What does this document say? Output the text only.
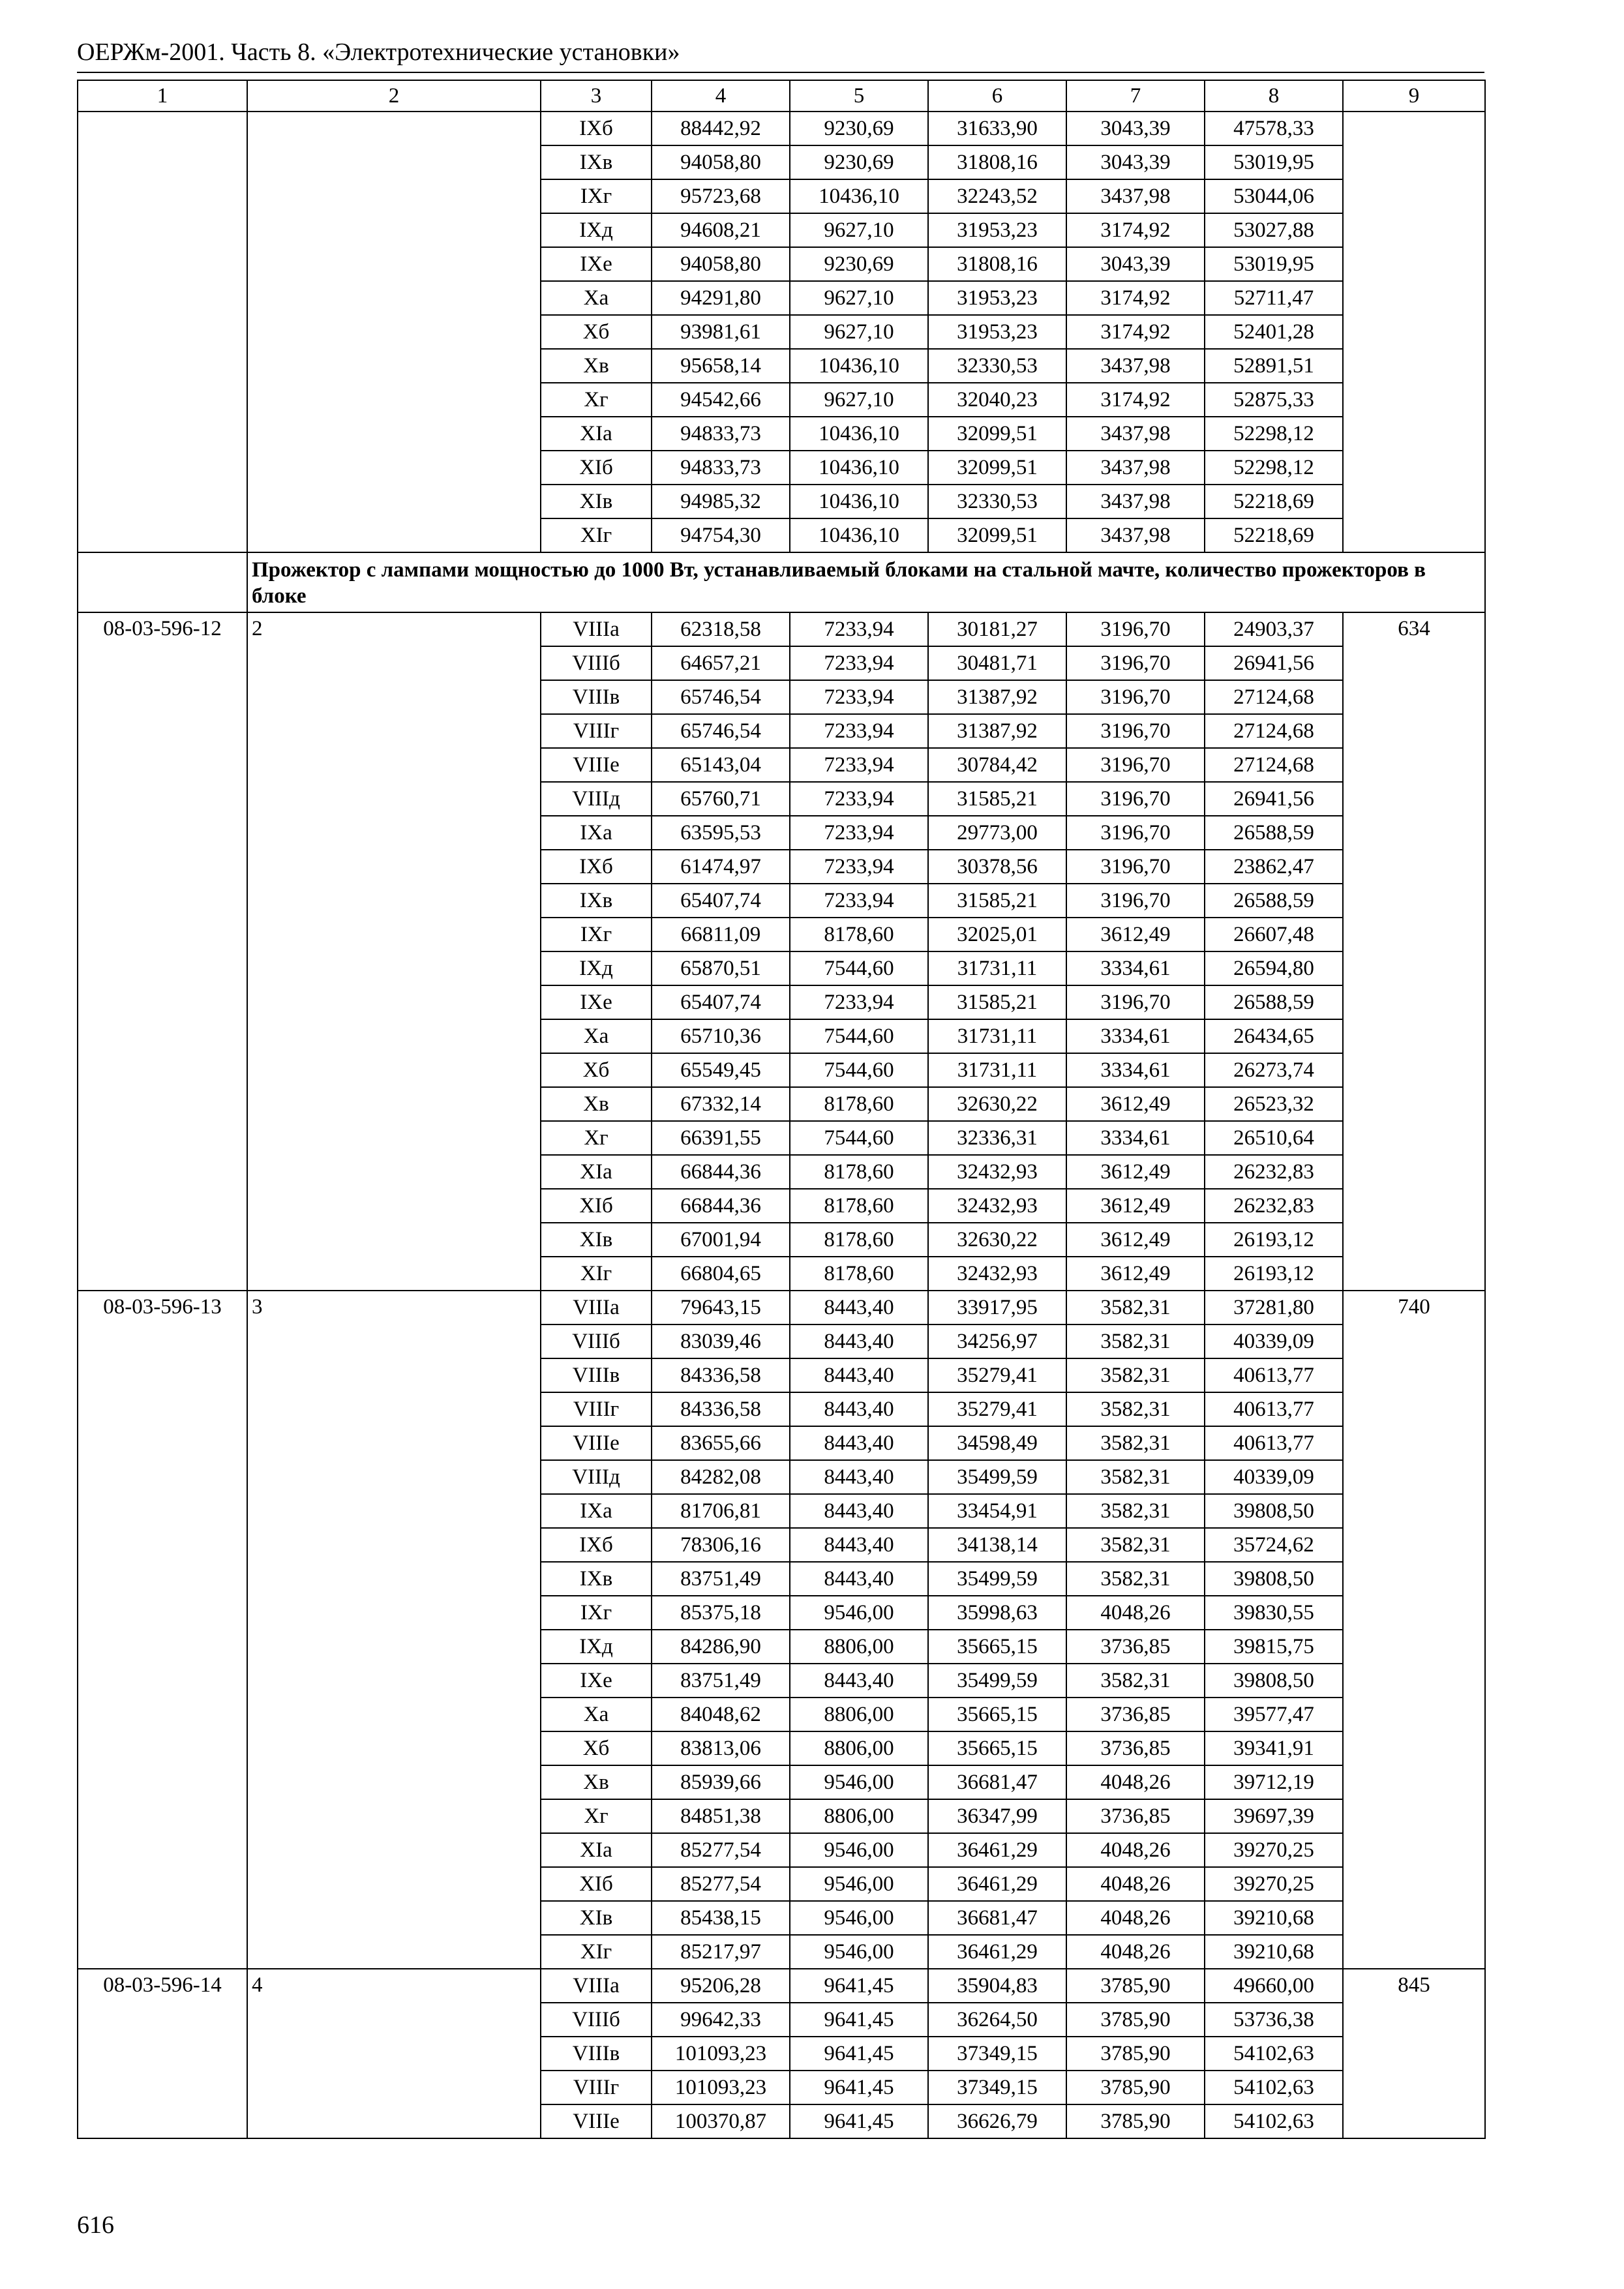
ОЕРЖм-2001. Часть 8. «Электротехнические установки»
1	2	3	4	5	6	7	8	9
		IXб	88442,92	9230,69	31633,90	3043,39	47578,33	
		IXв	94058,80	9230,69	31808,16	3043,39	53019,95	
		IXг	95723,68	10436,10	32243,52	3437,98	53044,06	
		IXд	94608,21	9627,10	31953,23	3174,92	53027,88	
		IXе	94058,80	9230,69	31808,16	3043,39	53019,95	
		Xа	94291,80	9627,10	31953,23	3174,92	52711,47	
		Xб	93981,61	9627,10	31953,23	3174,92	52401,28	
		Xв	95658,14	10436,10	32330,53	3437,98	52891,51	
		Xг	94542,66	9627,10	32040,23	3174,92	52875,33	
		XIа	94833,73	10436,10	32099,51	3437,98	52298,12	
		XIб	94833,73	10436,10	32099,51	3437,98	52298,12	
		XIв	94985,32	10436,10	32330,53	3437,98	52218,69	
		XIг	94754,30	10436,10	32099,51	3437,98	52218,69	
	Прожектор с лампами мощностью до 1000 Вт, устанавливаемый блоками на стальной мачте, количество прожекторов в блоке							
08-03-596-12	2	VIIIа	62318,58	7233,94	30181,27	3196,70	24903,37	634
		VIIIб	64657,21	7233,94	30481,71	3196,70	26941,56	
		VIIIв	65746,54	7233,94	31387,92	3196,70	27124,68	
		VIIIг	65746,54	7233,94	31387,92	3196,70	27124,68	
		VIIIе	65143,04	7233,94	30784,42	3196,70	27124,68	
		VIIIд	65760,71	7233,94	31585,21	3196,70	26941,56	
		IXа	63595,53	7233,94	29773,00	3196,70	26588,59	
		IXб	61474,97	7233,94	30378,56	3196,70	23862,47	
		IXв	65407,74	7233,94	31585,21	3196,70	26588,59	
		IXг	66811,09	8178,60	32025,01	3612,49	26607,48	
		IXд	65870,51	7544,60	31731,11	3334,61	26594,80	
		IXе	65407,74	7233,94	31585,21	3196,70	26588,59	
		Xа	65710,36	7544,60	31731,11	3334,61	26434,65	
		Xб	65549,45	7544,60	31731,11	3334,61	26273,74	
		Xв	67332,14	8178,60	32630,22	3612,49	26523,32	
		Xг	66391,55	7544,60	32336,31	3334,61	26510,64	
		XIа	66844,36	8178,60	32432,93	3612,49	26232,83	
		XIб	66844,36	8178,60	32432,93	3612,49	26232,83	
		XIв	67001,94	8178,60	32630,22	3612,49	26193,12	
		XIг	66804,65	8178,60	32432,93	3612,49	26193,12	
08-03-596-13	3	VIIIа	79643,15	8443,40	33917,95	3582,31	37281,80	740
		VIIIб	83039,46	8443,40	34256,97	3582,31	40339,09	
		VIIIв	84336,58	8443,40	35279,41	3582,31	40613,77	
		VIIIг	84336,58	8443,40	35279,41	3582,31	40613,77	
		VIIIе	83655,66	8443,40	34598,49	3582,31	40613,77	
		VIIIд	84282,08	8443,40	35499,59	3582,31	40339,09	
		IXа	81706,81	8443,40	33454,91	3582,31	39808,50	
		IXб	78306,16	8443,40	34138,14	3582,31	35724,62	
		IXв	83751,49	8443,40	35499,59	3582,31	39808,50	
		IXг	85375,18	9546,00	35998,63	4048,26	39830,55	
		IXд	84286,90	8806,00	35665,15	3736,85	39815,75	
		IXе	83751,49	8443,40	35499,59	3582,31	39808,50	
		Xа	84048,62	8806,00	35665,15	3736,85	39577,47	
		Xб	83813,06	8806,00	35665,15	3736,85	39341,91	
		Xв	85939,66	9546,00	36681,47	4048,26	39712,19	
		Xг	84851,38	8806,00	36347,99	3736,85	39697,39	
		XIа	85277,54	9546,00	36461,29	4048,26	39270,25	
		XIб	85277,54	9546,00	36461,29	4048,26	39270,25	
		XIв	85438,15	9546,00	36681,47	4048,26	39210,68	
		XIг	85217,97	9546,00	36461,29	4048,26	39210,68	
08-03-596-14	4	VIIIа	95206,28	9641,45	35904,83	3785,90	49660,00	845
		VIIIб	99642,33	9641,45	36264,50	3785,90	53736,38	
		VIIIв	101093,23	9641,45	37349,15	3785,90	54102,63	
		VIIIг	101093,23	9641,45	37349,15	3785,90	54102,63	
		VIIIе	100370,87	9641,45	36626,79	3785,90	54102,63	
616
